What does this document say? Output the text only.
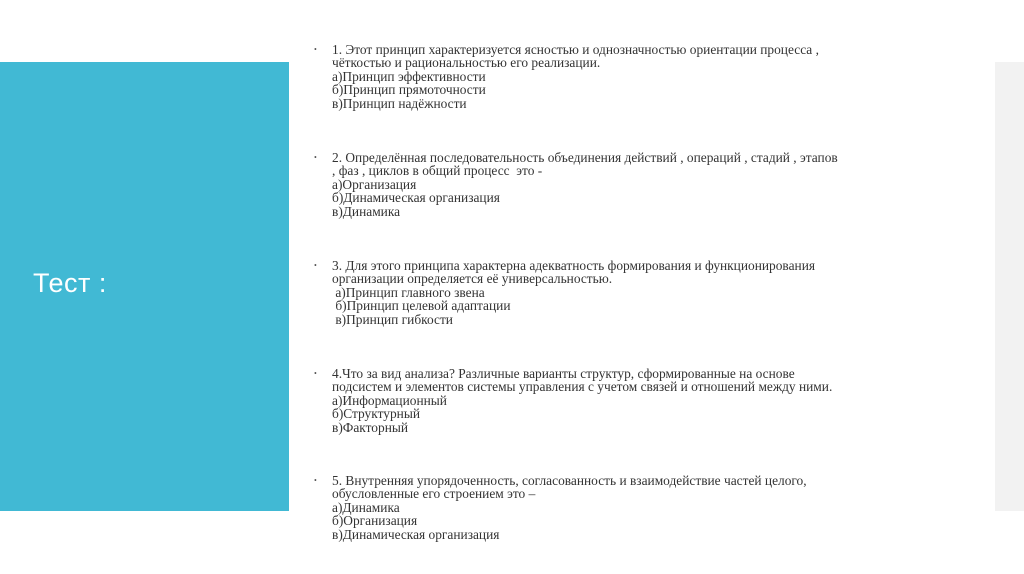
Тест :
•	1. Этот принцип характеризуется ясностью и однозначностью ориентации процесса ,
чёткостью и рациональностью его реализации.
а)Принцип эффективности
б)Принцип прямоточности
в)Принцип надёжности
•	2. Определённая последовательность объединения действий , операций , стадий , этапов
, фаз , циклов в общий процесс  это -
а)Организация
б)Динамическая организация
в)Динамика
•	3. Для этого принципа характерна адекватность формирования и функционирования
организации определяется её универсальностью.
а)Принцип главного звена
б)Принцип целевой адаптации
в)Принцип гибкости
•	4.Что за вид анализа? Различные варианты структур, сформированные на основе
подсистем и элементов системы управления с учетом связей и отношений между ними.
а)Информационный
б)Структурный
в)Факторный
•	5. Внутренняя упорядоченность, согласованность и взаимодействие частей целого,
обусловленные его строением это –
а)Динамика
б)Организация
в)Динамическая организация
